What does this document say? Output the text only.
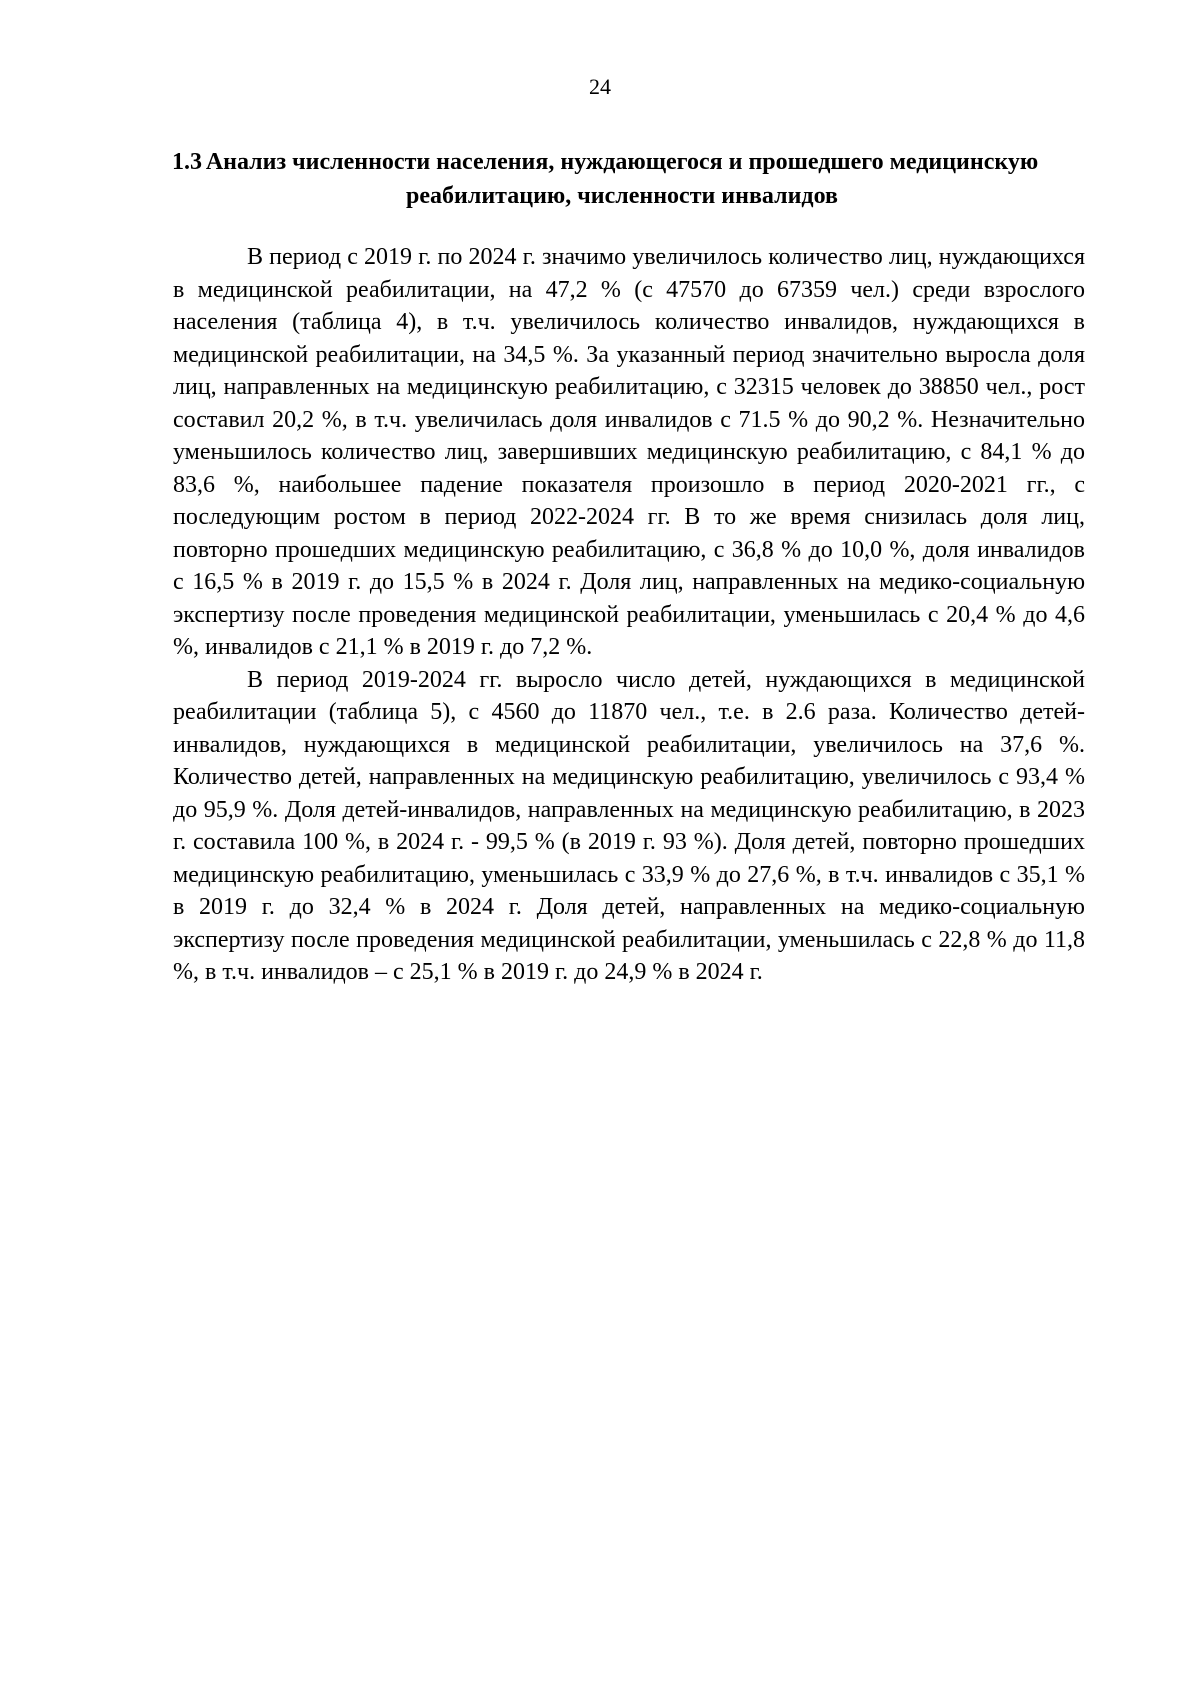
24
1.3 Анализ численности населения, нуждающегося и прошедшего медицинскую реабилитацию, численности инвалидов

В период с 2019 г. по 2024 г. значимо увеличилось количество лиц, нуждающихся в медицинской реабилитации, на 47,2 % (с 47570 до 67359 чел.) среди взрослого населения (таблица 4), в т.ч. увеличилось количество инвалидов, нуждающихся в медицинской реабилитации, на 34,5 %. За указанный период значительно выросла доля лиц, направленных на медицинскую реабилитацию, с 32315 человек до 38850 чел., рост составил 20,2 %, в т.ч. увеличилась доля инвалидов с 71.5 % до 90,2 %. Незначительно уменьшилось количество лиц, завершивших медицинскую реабилитацию, с 84,1 % до 83,6 %, наибольшее падение показателя произошло в период 2020-2021 гг., с последующим ростом в период 2022-2024 гг. В то же время снизилась доля лиц, повторно прошедших медицинскую реабилитацию, с 36,8 % до 10,0 %, доля инвалидов с 16,5 % в 2019 г. до 15,5 % в 2024 г. Доля лиц, направленных на медико-социальную экспертизу после проведения медицинской реабилитации, уменьшилась с 20,4 % до 4,6 %, инвалидов с 21,1 % в 2019 г. до 7,2 %.

В период 2019-2024 гг. выросло число детей, нуждающихся в медицинской реабилитации (таблица 5), с 4560 до 11870 чел., т.е. в 2.6 раза. Количество детей-инвалидов, нуждающихся в медицинской реабилитации, увеличилось на 37,6 %. Количество детей, направленных на медицинскую реабилитацию, увеличилось с 93,4 % до 95,9 %. Доля детей-инвалидов, направленных на медицинскую реабилитацию, в 2023 г. составила 100 %, в 2024 г. - 99,5 % (в 2019 г. 93 %). Доля детей, повторно прошедших медицинскую реабилитацию, уменьшилась с 33,9 % до 27,6 %, в т.ч. инвалидов с 35,1 % в 2019 г. до 32,4 % в 2024 г. Доля детей, направленных на медико-социальную экспертизу после проведения медицинской реабилитации, уменьшилась с 22,8 % до 11,8 %, в т.ч. инвалидов – с 25,1 % в 2019 г. до 24,9 % в 2024 г.
